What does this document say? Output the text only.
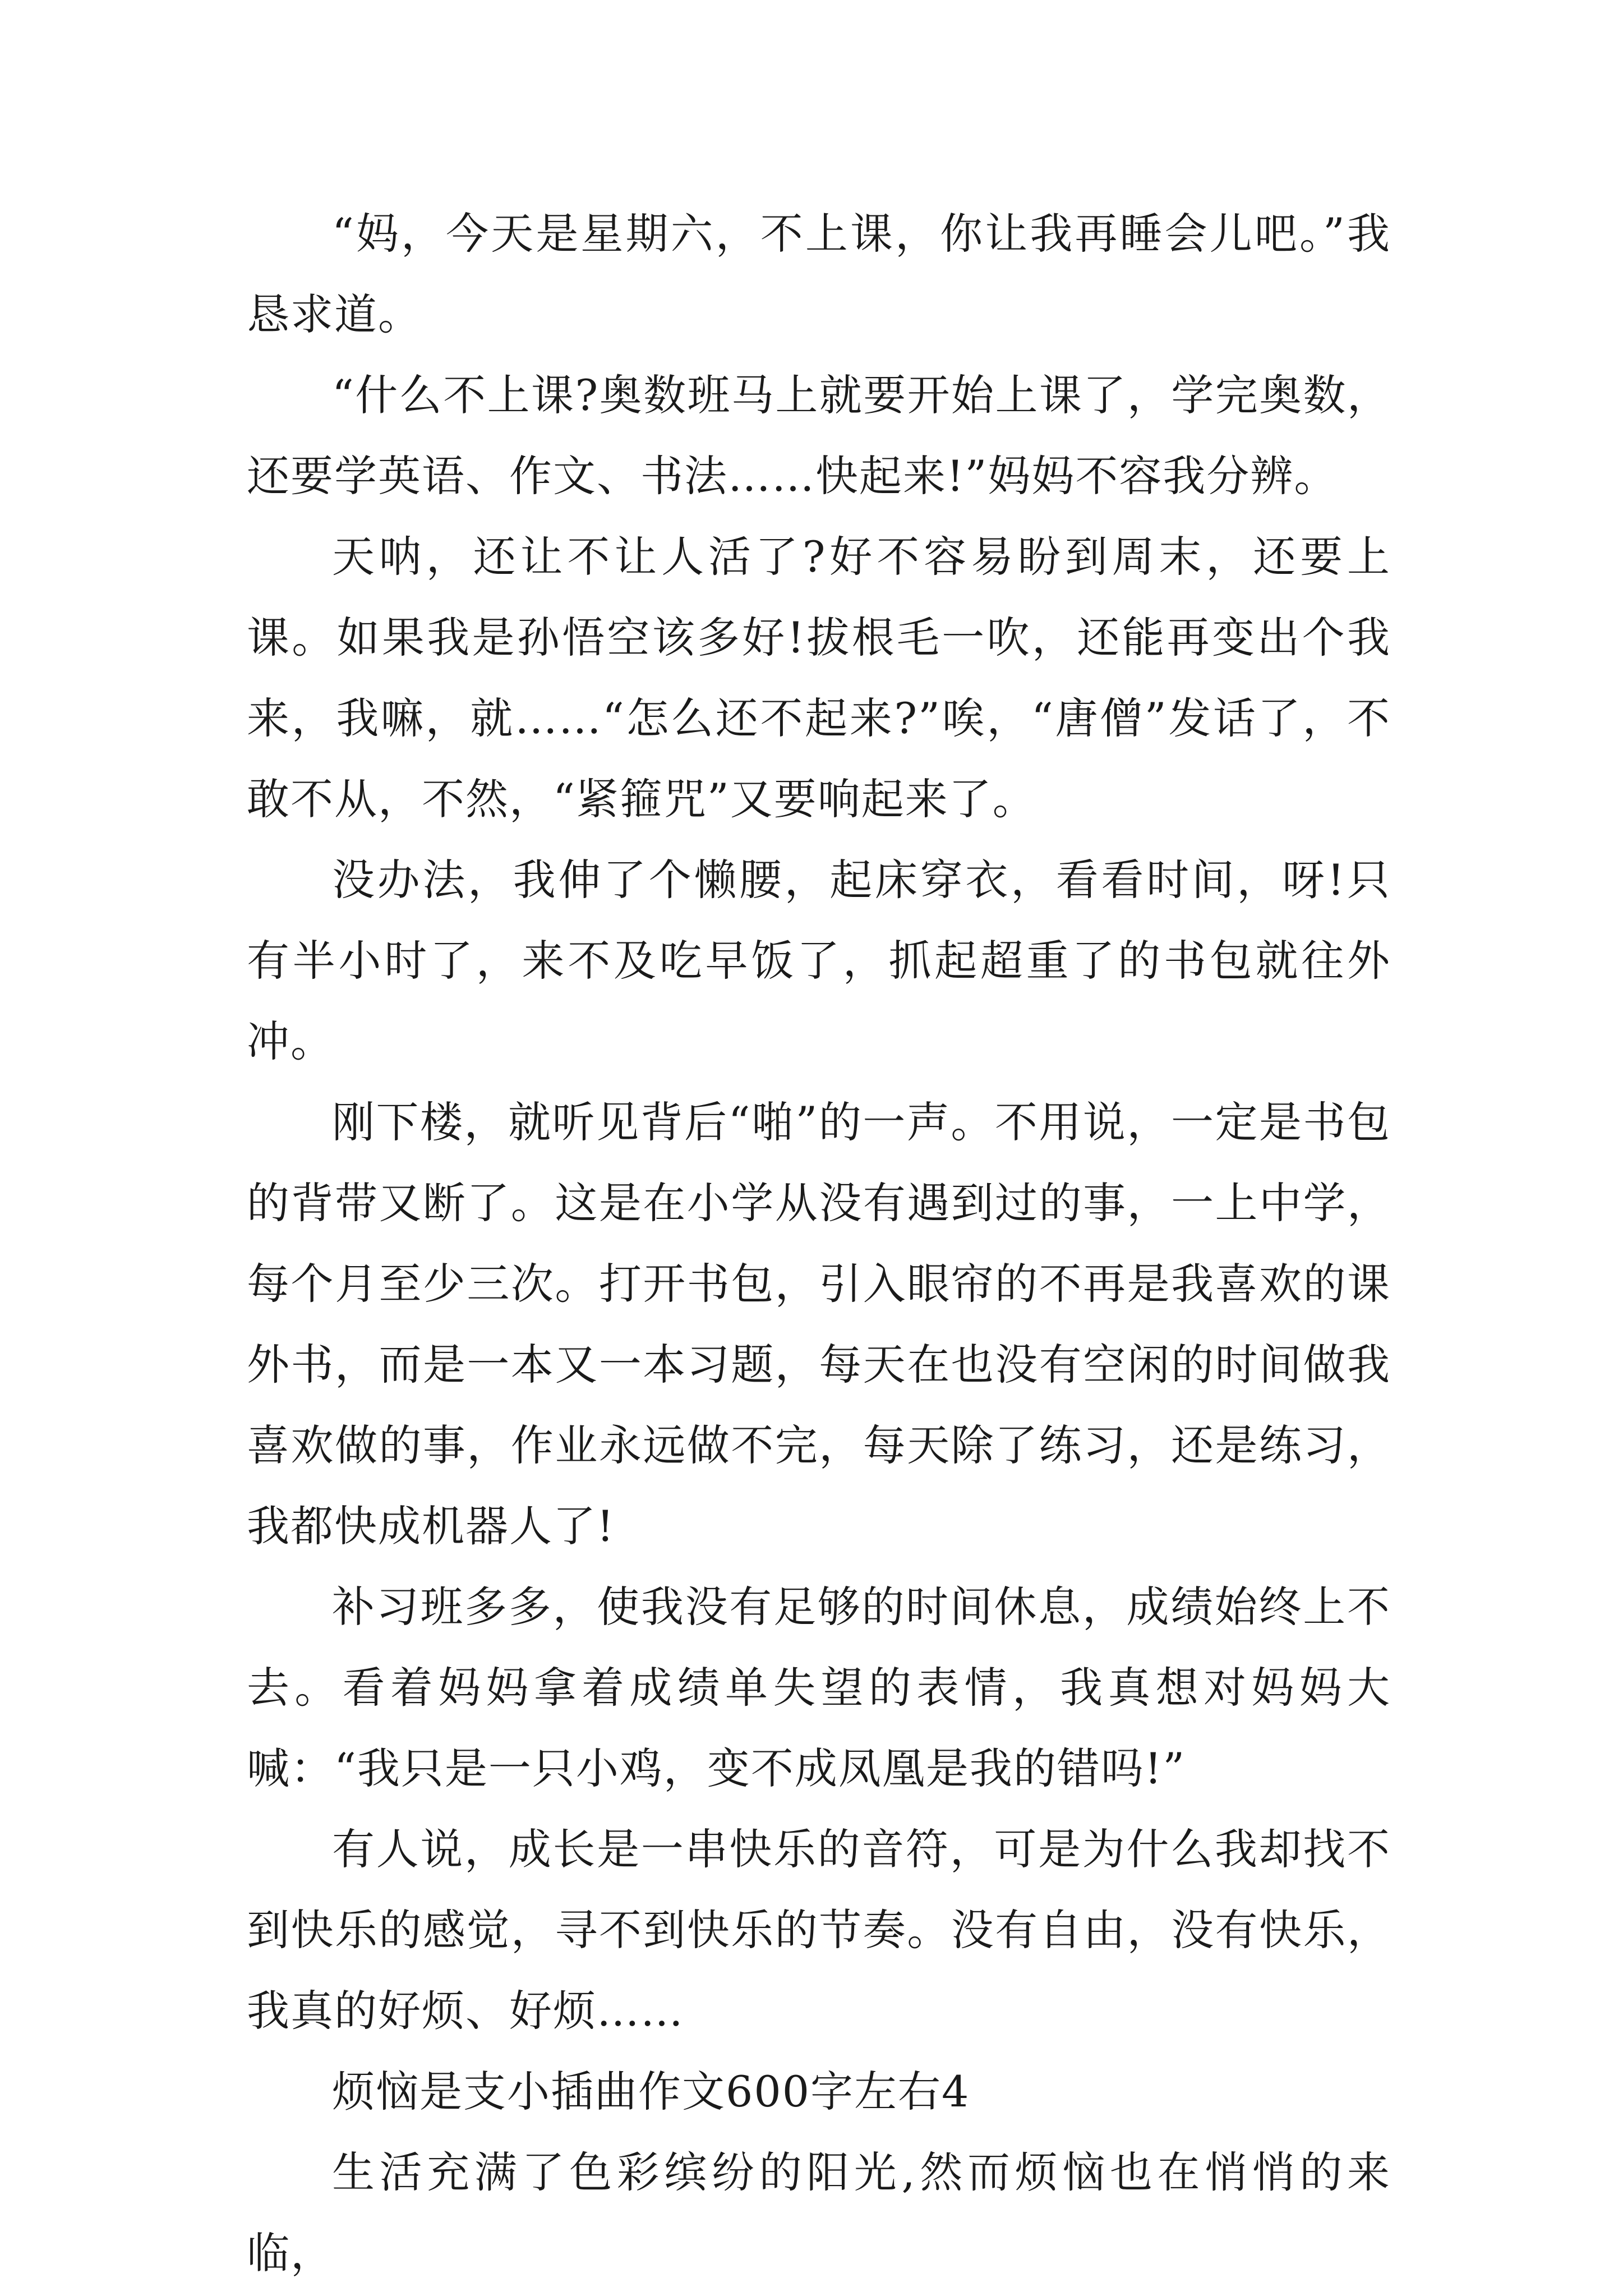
“妈，今天是星期六，不上课，你让我再睡会儿吧。”我恳求道。

“什么不上课?奥数班马上就要开始上课了，学完奥数，还要学英语、作文、书法……快起来!”妈妈不容我分辨。

天呐，还让不让人活了?好不容易盼到周末，还要上课。如果我是孙悟空该多好!拔根毛一吹，还能再变出个我来，我嘛，就……“怎么还不起来?”唉，“唐僧”发话了，不敢不从，不然，“紧箍咒”又要响起来了。

没办法，我伸了个懒腰，起床穿衣，看看时间，呀!只有半小时了，来不及吃早饭了，抓起超重了的书包就往外冲。

刚下楼，就听见背后“啪”的一声。不用说，一定是书包的背带又断了。这是在小学从没有遇到过的事，一上中学，每个月至少三次。打开书包，引入眼帘的不再是我喜欢的课外书，而是一本又一本习题，每天在也没有空闲的时间做我喜欢做的事，作业永远做不完，每天除了练习，还是练习，我都快成机器人了!

补习班多多，使我没有足够的时间休息，成绩始终上不去。看着妈妈拿着成绩单失望的表情，我真想对妈妈大喊：“我只是一只小鸡，变不成凤凰是我的错吗!”

有人说，成长是一串快乐的音符，可是为什么我却找不到快乐的感觉，寻不到快乐的节奏。没有自由，没有快乐，我真的好烦、好烦……

烦恼是支小插曲作文600字左右4

生活充满了色彩缤纷的阳光,然而烦恼也在悄悄的来临，
